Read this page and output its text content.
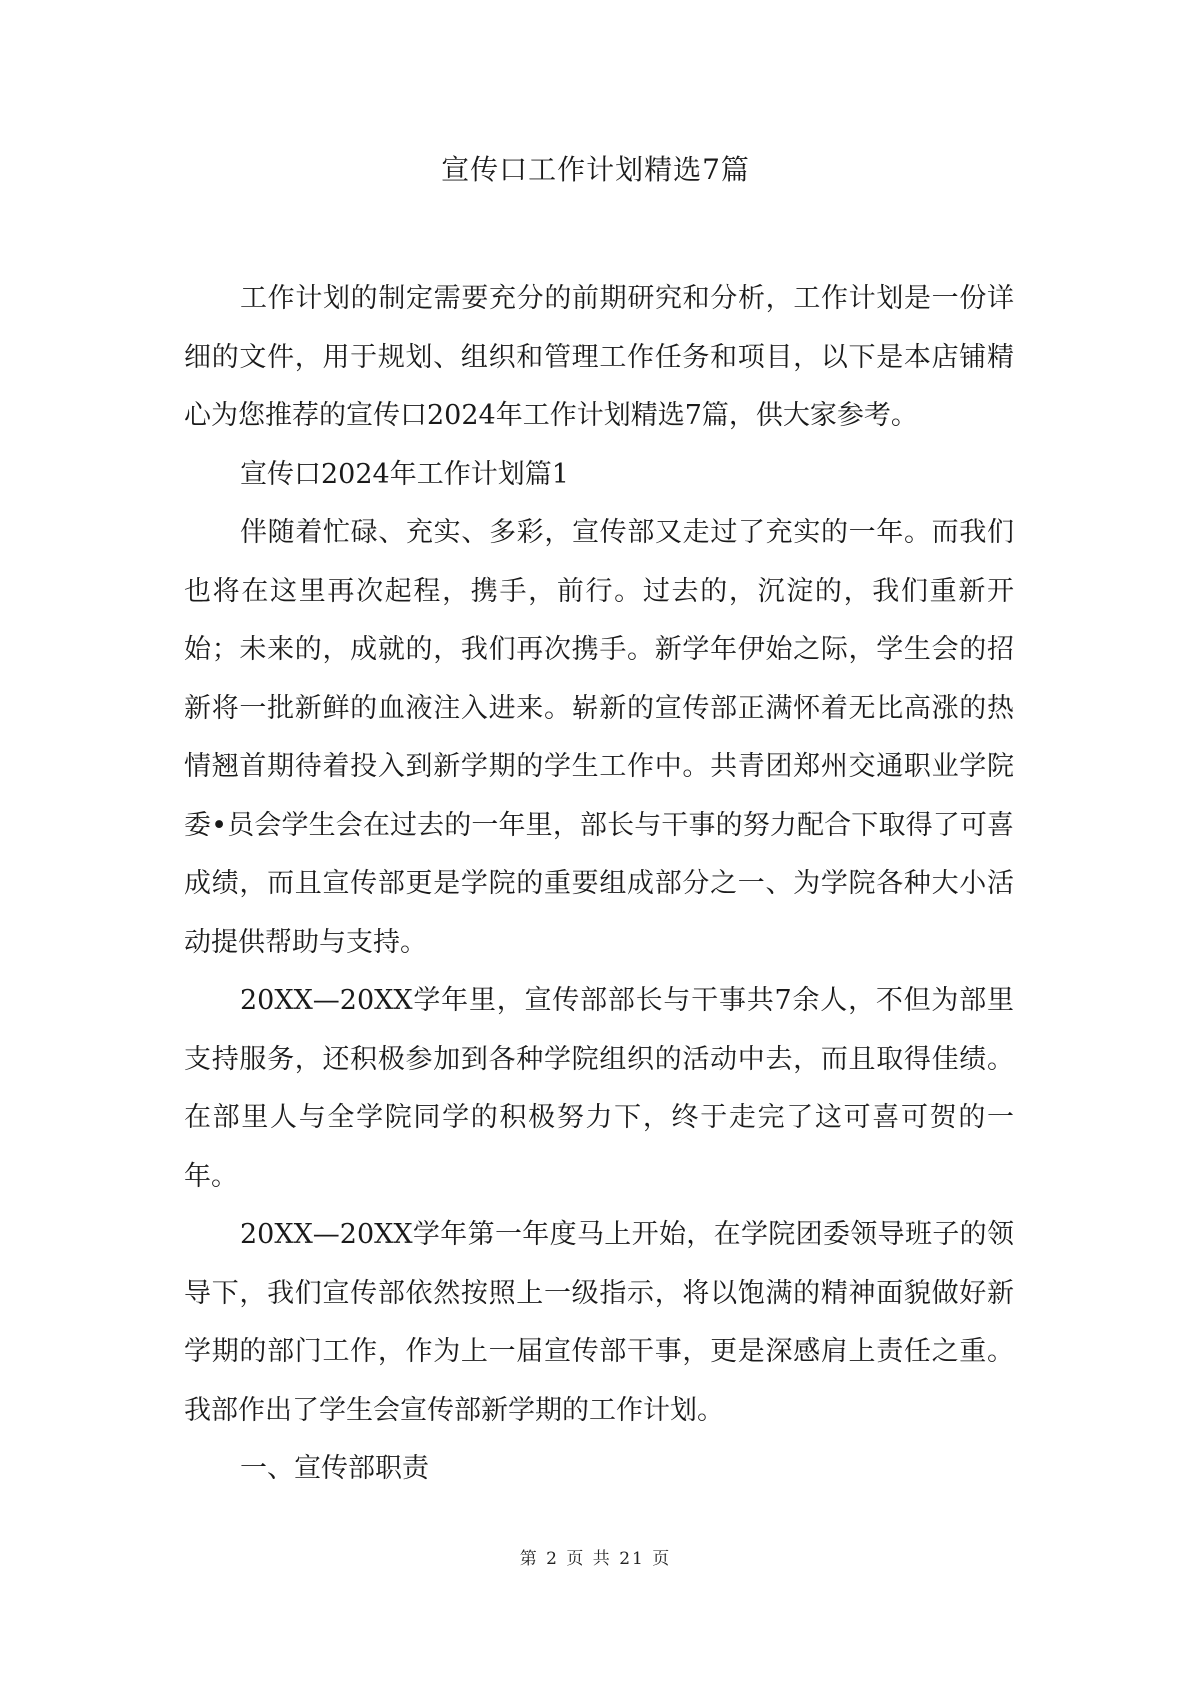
宣传口工作计划精选7篇

工作计划的制定需要充分的前期研究和分析，工作计划是一份详细的文件，用于规划、组织和管理工作任务和项目，以下是本店铺精心为您推荐的宣传口2024年工作计划精选7篇，供大家参考。

宣传口2024年工作计划篇1

伴随着忙碌、充实、多彩，宣传部又走过了充实的一年。而我们也将在这里再次起程，携手，前行。过去的，沉淀的，我们重新开始；未来的，成就的，我们再次携手。新学年伊始之际，学生会的招新将一批新鲜的血液注入进来。崭新的宣传部正满怀着无比高涨的热情翘首期待着投入到新学期的学生工作中。共青团郑州交通职业学院委•员会学生会在过去的一年里，部长与干事的努力配合下取得了可喜成绩，而且宣传部更是学院的重要组成部分之一、为学院各种大小活动提供帮助与支持。

20XX—20XX学年里，宣传部部长与干事共7余人，不但为部里支持服务，还积极参加到各种学院组织的活动中去，而且取得佳绩。在部里人与全学院同学的积极努力下，终于走完了这可喜可贺的一年。

20XX—20XX学年第一年度马上开始，在学院团委领导班子的领导下，我们宣传部依然按照上一级指示，将以饱满的精神面貌做好新学期的部门工作，作为上一届宣传部干事，更是深感肩上责任之重。我部作出了学生会宣传部新学期的工作计划。

一、宣传部职责

第 2 页 共 21 页
